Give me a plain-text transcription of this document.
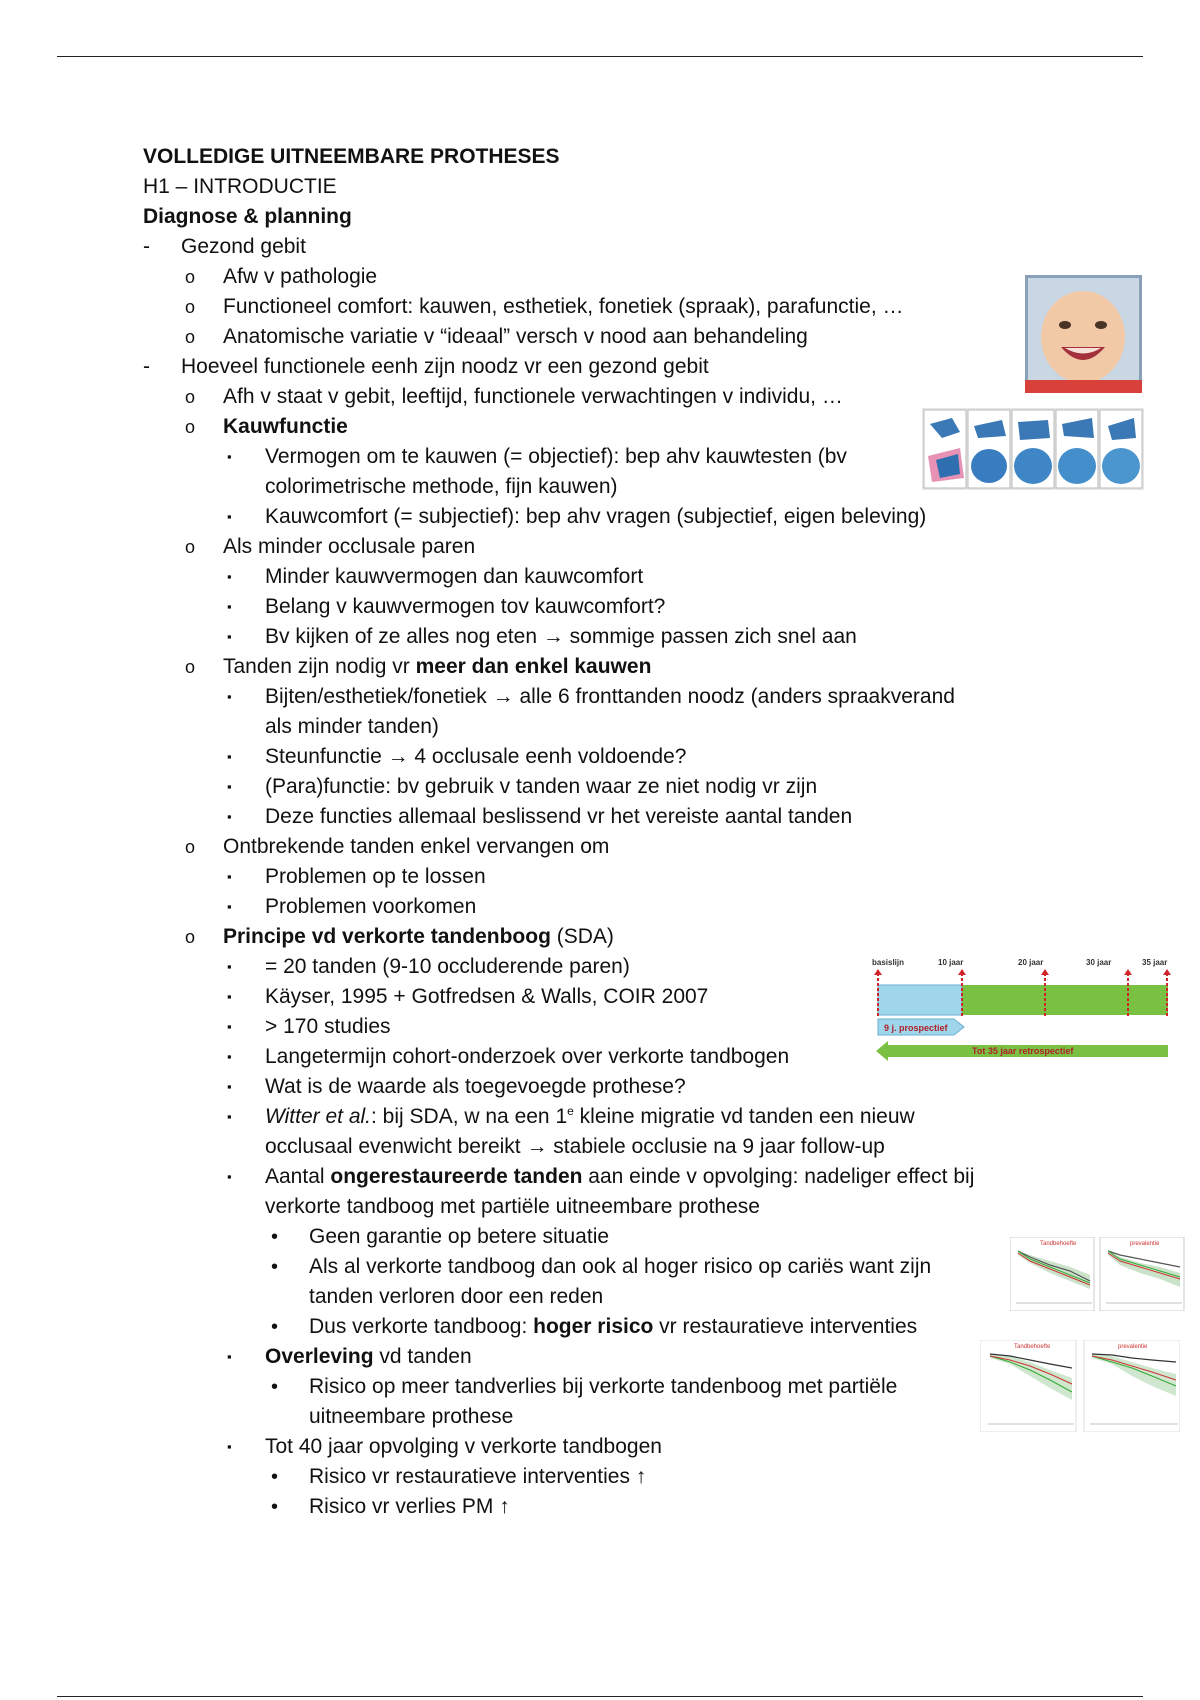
VOLLEDIGE UITNEEMBARE PROTHESES
H1 – INTRODUCTIE
Diagnose & planning
- Gezond gebit
o Afw v pathologie
o Functioneel comfort: kauwen, esthetiek, fonetiek (spraak), parafunctie, …
o Anatomische variatie v “ideaal” versch v nood aan behandeling
- Hoeveel functionele eenh zijn noodz vr een gezond gebit
o Afh v staat v gebit, leeftijd, functionele verwachtingen v individu, …
o Kauwfunctie
▪ Vermogen om te kauwen (= objectief): bep ahv kauwtesten (bv
colorimetrische methode, fijn kauwen)
▪ Kauwcomfort (= subjectief): bep ahv vragen (subjectief, eigen beleving)
o Als minder occlusale paren
▪ Minder kauwvermogen dan kauwcomfort
▪ Belang v kauwvermogen tov kauwcomfort?
▪ Bv kijken of ze alles nog eten → sommige passen zich snel aan
o Tanden zijn nodig vr meer dan enkel kauwen
▪ Bijten/esthetiek/fonetiek → alle 6 fronttanden noodz (anders spraakverand
als minder tanden)
▪ Steunfunctie → 4 occlusale eenh voldoende?
▪ (Para)functie: bv gebruik v tanden waar ze niet nodig vr zijn
▪ Deze functies allemaal beslissend vr het vereiste aantal tanden
o Ontbrekende tanden enkel vervangen om
▪ Problemen op te lossen
▪ Problemen voorkomen
o Principe vd verkorte tandenboog (SDA)
▪ = 20 tanden (9-10 occluderende paren)
▪ Käyser, 1995 + Gotfredsen & Walls, COIR 2007
▪ > 170 studies
▪ Langetermijn cohort-onderzoek over verkorte tandbogen
▪ Wat is de waarde als toegevoegde prothese?
▪ Witter et al.: bij SDA, w na een 1e kleine migratie vd tanden een nieuw
occlusaal evenwicht bereikt → stabiele occlusie na 9 jaar follow-up
▪ Aantal ongerestaureerde tanden aan einde v opvolging: nadeliger effect bij
verkorte tandboog met partiële uitneembare prothese
• Geen garantie op betere situatie
• Als al verkorte tandboog dan ook al hoger risico op cariës want zijn
tanden verloren door een reden
• Dus verkorte tandboog: hoger risico vr restauratieve interventies
▪ Overleving vd tanden
• Risico op meer tandverlies bij verkorte tandenboog met partiële
uitneembare prothese
▪ Tot 40 jaar opvolging v verkorte tandbogen
• Risico vr restauratieve interventies ↑
• Risico vr verlies PM ↑
basislijn	10 jaar	20 jaar	30 jaar	35 jaar
9 j. prospectief
Tot 35 jaar retrospectief
Tandbehoefte	prevalentie
Tandbehoefte	prevalentie
